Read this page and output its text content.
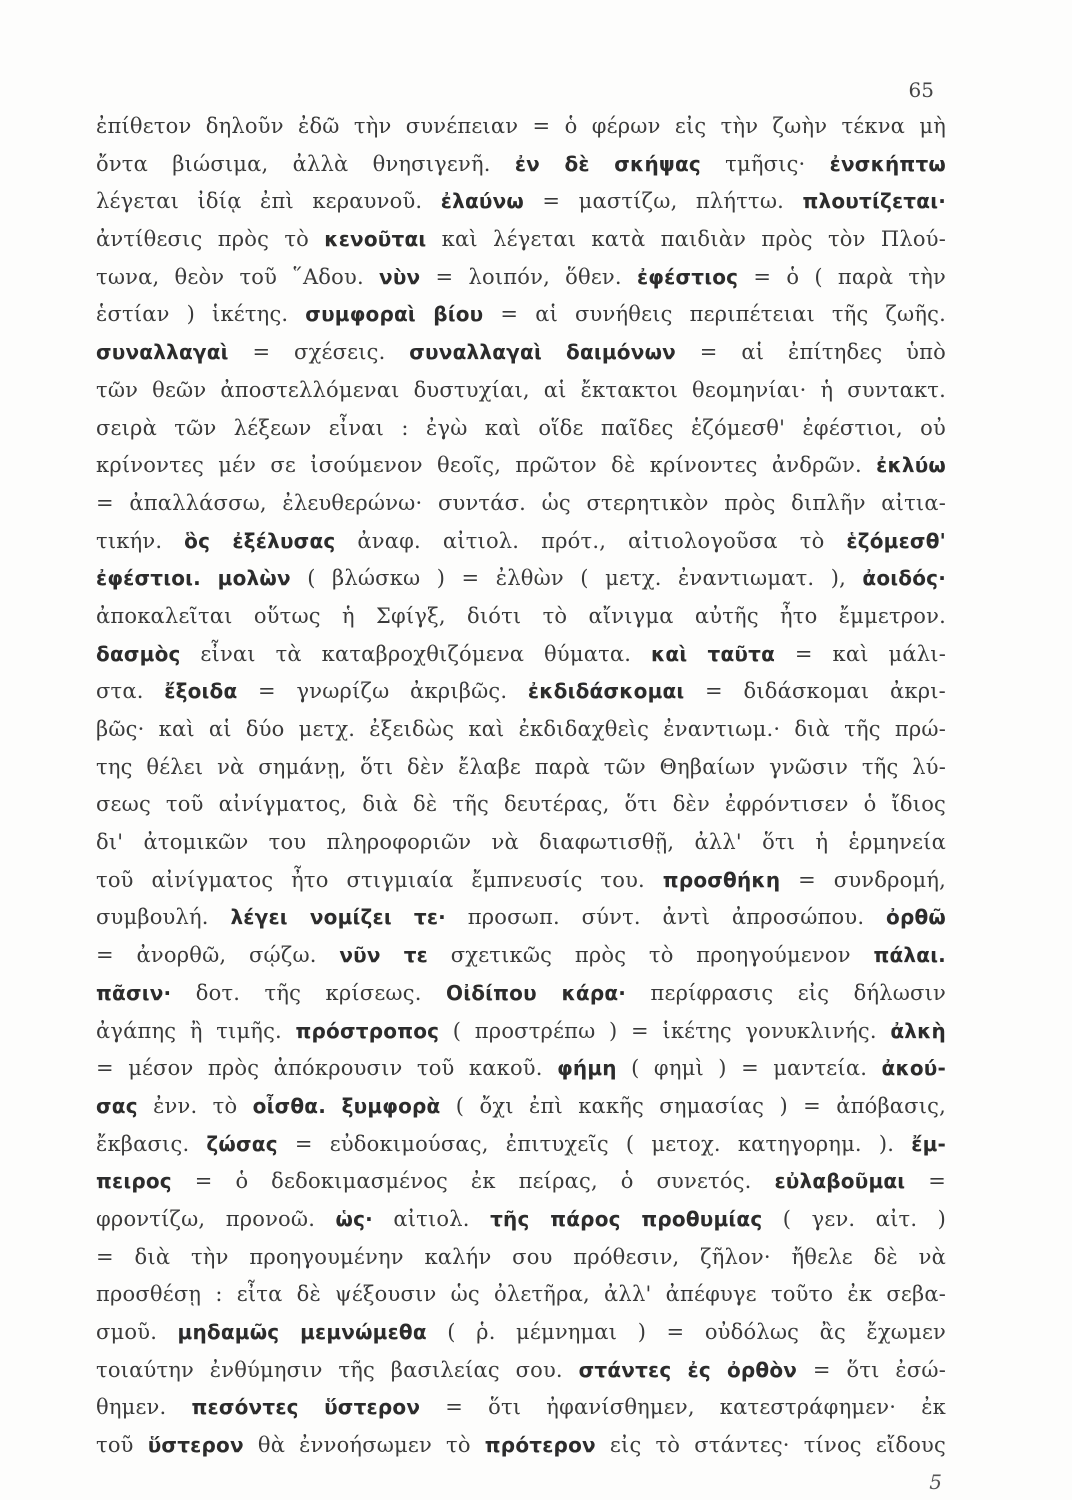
65
ἐπίθετον δηλοῦν ἐδῶ τὴν συνέπειαν = ὁ φέρων εἰς τὴν ζωὴν τέκνα μὴ
ὄντα βιώσιμα, ἀλλὰ θνησιγενῆ. ἐν δὲ σκήψας τμῆσις· ἐνσκήπτω
λέγεται ἰδίᾳ ἐπὶ κεραυνοῦ. ἐλαύνω = μαστίζω, πλήττω. πλουτίζεται·
ἀντίθεσις πρὸς τὸ κενοῦται καὶ λέγεται κατὰ παιδιὰν πρὸς τὸν Πλού-
τωνα, θεὸν τοῦ ῞Αδου. νὺν = λοιπόν, ὅθεν. ἐφέστιος = ὁ ( παρὰ τὴν
ἑστίαν ) ἱκέτης. συμφοραὶ βίου = αἱ συνήθεις περιπέτειαι τῆς ζωῆς.
συναλλαγαὶ = σχέσεις. συναλλαγαὶ δαιμόνων = αἱ ἐπίτηδες ὑπὸ
τῶν θεῶν ἀποστελλόμεναι δυστυχίαι, αἱ ἔκτακτοι θεομηνίαι· ἡ συντακτ.
σειρὰ τῶν λέξεων εἶναι : ἐγὼ καὶ οἵδε παῖδες ἑζόμεσθ' ἐφέστιοι, οὐ
κρίνοντες μέν σε ἰσούμενον θεοῖς, πρῶτον δὲ κρίνοντες ἀνδρῶν. ἐκλύω
= ἀπαλλάσσω, ἐλευθερώνω· συντάσ. ὡς στερητικὸν πρὸς διπλῆν αἰτια-
τικήν. ὃς ἐξέλυσας ἀναφ. αἰτιολ. πρότ., αἰτιολογοῦσα τὸ ἑζόμεσθ'
ἐφέστιοι. μολὼν ( βλώσκω ) = ἐλθὼν ( μετχ. ἐναντιωματ. ), ἀοιδός·
ἀποκαλεῖται οὕτως ἡ Σφίγξ, διότι τὸ αἴνιγμα αὐτῆς ἦτο ἔμμετρον.
δασμὸς εἶναι τὰ καταβροχθιζόμενα θύματα. καὶ ταῦτα = καὶ μάλι-
στα. ἔξοιδα = γνωρίζω ἀκριβῶς. ἐκδιδάσκομαι = διδάσκομαι ἀκρι-
βῶς· καὶ αἱ δύο μετχ. ἐξειδὼς καὶ ἐκδιδαχθεὶς ἐναντιωμ.· διὰ τῆς πρώ-
της θέλει νὰ σημάνῃ, ὅτι δὲν ἔλαβε παρὰ τῶν Θηβαίων γνῶσιν τῆς λύ-
σεως τοῦ αἰνίγματος, διὰ δὲ τῆς δευτέρας, ὅτι δὲν ἐφρόντισεν ὁ ἴδιος
δι' ἀτομικῶν του πληροφοριῶν νὰ διαφωτισθῇ, ἀλλ' ὅτι ἡ ἑρμηνεία
τοῦ αἰνίγματος ἦτο στιγμιαία ἔμπνευσίς του. προσθήκη = συνδρομή,
συμβουλή. λέγει νομίζει τε· προσωπ. σύντ. ἀντὶ ἀπροσώπου. ὀρθῶ
= ἀνορθῶ, σῴζω. νῦν τε σχετικῶς πρὸς τὸ προηγούμενον πάλαι.
πᾶσιν· δοτ. τῆς κρίσεως. Οἰδίπου κάρα· περίφρασις εἰς δήλωσιν
ἀγάπης ἢ τιμῆς. πρόστροπος ( προστρέπω ) = ἱκέτης γονυκλινής. ἀλκὴ
= μέσον πρὸς ἀπόκρουσιν τοῦ κακοῦ. φήμη ( φημὶ ) = μαντεία. ἀκού-
σας ἐνν. τὸ οἶσθα. ξυμφορὰ ( ὄχι ἐπὶ κακῆς σημασίας ) = ἀπόβασις,
ἔκβασις. ζώσας = εὐδοκιμούσας, ἐπιτυχεῖς ( μετοχ. κατηγορημ. ). ἔμ-
πειρος = ὁ δεδοκιμασμένος ἐκ πείρας, ὁ συνετός. εὐλαβοῦμαι =
φροντίζω, προνοῶ. ὡς· αἰτιολ. τῆς πάρος προθυμίας ( γεν. αἰτ. )
= διὰ τὴν προηγουμένην καλήν σου πρόθεσιν, ζῆλον· ἤθελε δὲ νὰ
προσθέσῃ : εἶτα δὲ ψέξουσιν ὡς ὀλετῆρα, ἀλλ' ἀπέφυγε τοῦτο ἐκ σεβα-
σμοῦ. μηδαμῶς μεμνώμεθα ( ῥ. μέμνημαι ) = οὐδόλως ἂς ἔχωμεν
τοιαύτην ἐνθύμησιν τῆς βασιλείας σου. στάντες ἐς ὀρθὸν = ὅτι ἐσώ-
θημεν. πεσόντες ὕστερον = ὅτι ἠφανίσθημεν, κατεστράφημεν· ἐκ
τοῦ ὕστερον θὰ ἐννοήσωμεν τὸ πρότερον εἰς τὸ στάντες· τίνος εἴδους
5
